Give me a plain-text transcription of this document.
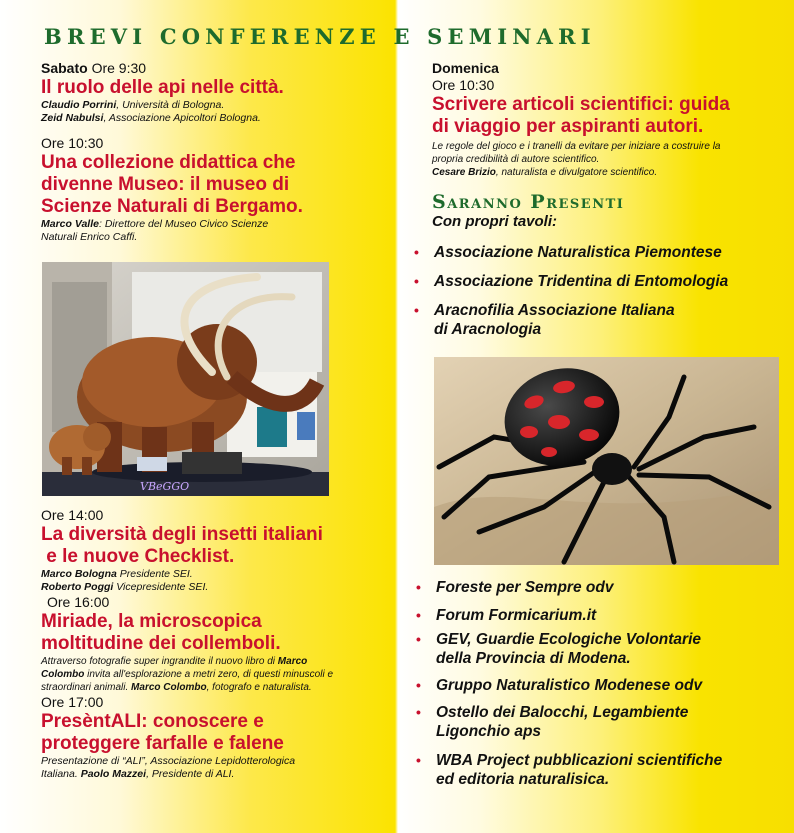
BREVI CONFERENZE E SEMINARI

Sabato Ore 9:30

Il ruolo delle api nelle città.

Claudio Porrini, Università di Bologna.

Zeid Nabulsi, Associazione Apicoltori Bologna.

Ore 10:30

Una collezione didattica che

divenne Museo: il museo di

Scienze Naturali di Bergamo.

Marco Valle: Direttore del Museo Civico Scienze

Naturali Enrico Caffi.

VBeGGO

Ore 14:00

La diversità degli insetti italiani

e le nuove Checklist.

Marco Bologna Presidente SEI.

Roberto Poggi Vicepresidente SEI.

Ore 16:00

Miriade, la microscopica

moltitudine dei collemboli.

Attraverso fotografie super ingrandite il nuovo libro di Marco

Colombo invita all'esplorazione a metri zero, di questi minuscoli e

straordinari animali. Marco Colombo, fotografo e naturalista.

Ore 17:00

PresèntALI: conoscere e

proteggere farfalle e falene

Presentazione di “ALI”, Associazione Lepidotterologica

Italiana. Paolo Mazzei, Presidente di ALI.

Domenica

Ore 10:30

Scrivere articoli scientifici: guida

di viaggio per aspiranti autori.

Le regole del gioco e i tranelli da evitare per iniziare a costruire la

propria credibilità di autore scientifico.

Cesare Brizio, naturalista e divulgatore scientifico.

Saranno Presenti

Con propri tavoli:

• Associazione Naturalistica Piemontese
• Associazione Tridentina di Entomologia
• Aracnofilia Associazione Italiana
di Aracnologia
• Foreste per Sempre odv
• Forum Formicarium.it
• GEV, Guardie Ecologiche Volontarie
della Provincia di Modena.
• Gruppo Naturalistico Modenese odv
• Ostello dei Balocchi, Legambiente
Ligonchio aps
• WBA Project pubblicazioni scientifiche
ed editoria naturalisica.
